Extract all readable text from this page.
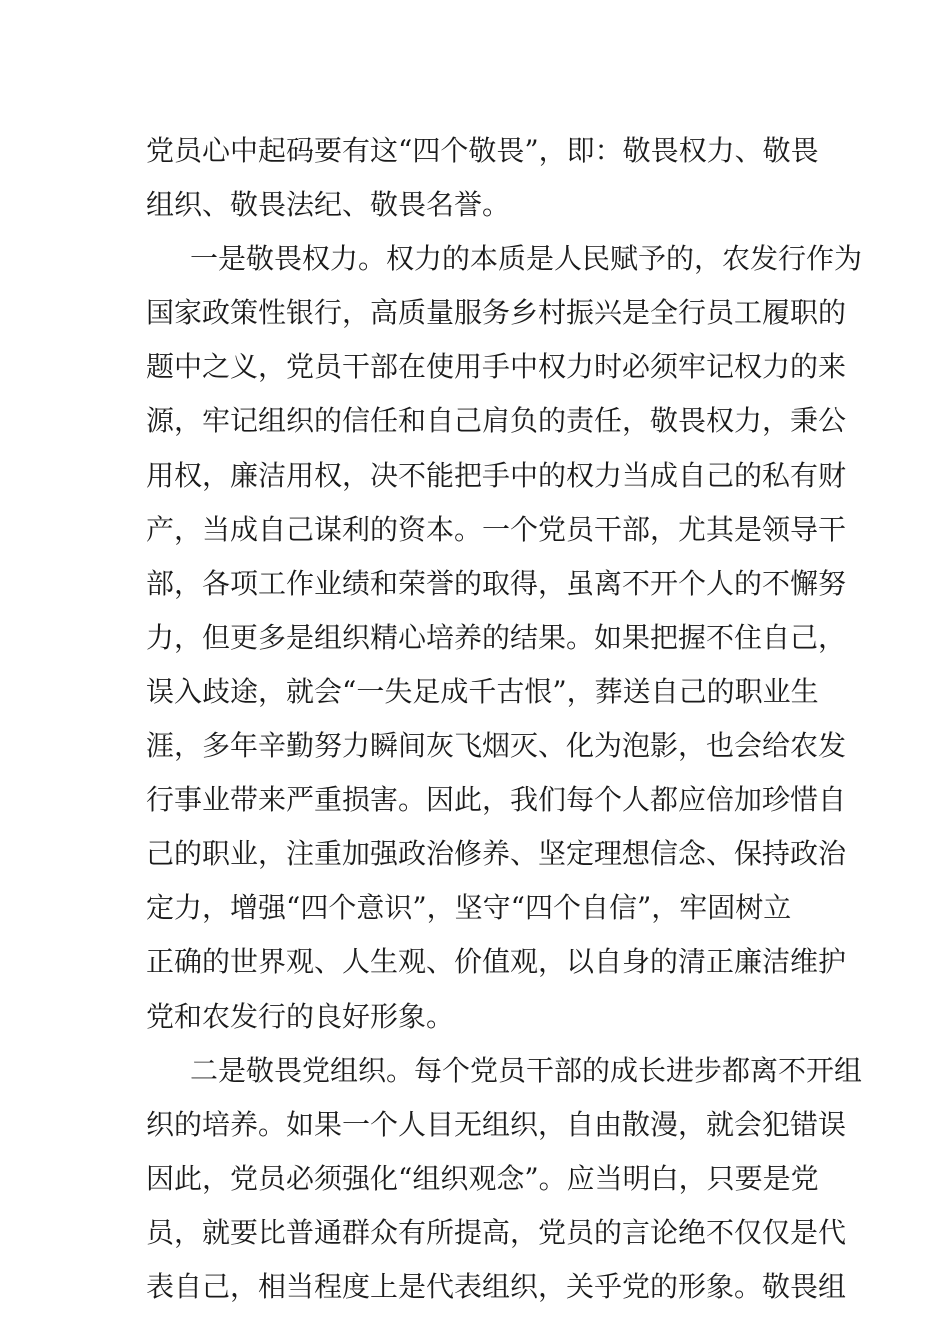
党员心中起码要有这“四个敬畏”，即：敬畏权力、敬畏
组织、敬畏法纪、敬畏名誉。
一是敬畏权力。权力的本质是人民赋予的，农发行作为
国家政策性银行，高质量服务乡村振兴是全行员工履职的
题中之义，党员干部在使用手中权力时必须牢记权力的来
源，牢记组织的信任和自己肩负的责任，敬畏权力，秉公
用权，廉洁用权，决不能把手中的权力当成自己的私有财
产，当成自己谋利的资本。一个党员干部，尤其是领导干
部，各项工作业绩和荣誉的取得，虽离不开个人的不懈努
力，但更多是组织精心培养的结果。如果把握不住自己，
误入歧途，就会“一失足成千古恨”，葬送自己的职业生
涯，多年辛勤努力瞬间灰飞烟灭、化为泡影，也会给农发
行事业带来严重损害。因此，我们每个人都应倍加珍惜自
己的职业，注重加强政治修养、坚定理想信念、保持政治
定力，增强“四个意识”，坚守“四个自信”，牢固树立
正确的世界观、人生观、价值观，以自身的清正廉洁维护
党和农发行的良好形象。
二是敬畏党组织。每个党员干部的成长进步都离不开组
织的培养。如果一个人目无组织，自由散漫，就会犯错误
因此，党员必须强化“组织观念”。应当明白，只要是党
员，就要比普通群众有所提高，党员的言论绝不仅仅是代
表自己，相当程度上是代表组织，关乎党的形象。敬畏组
